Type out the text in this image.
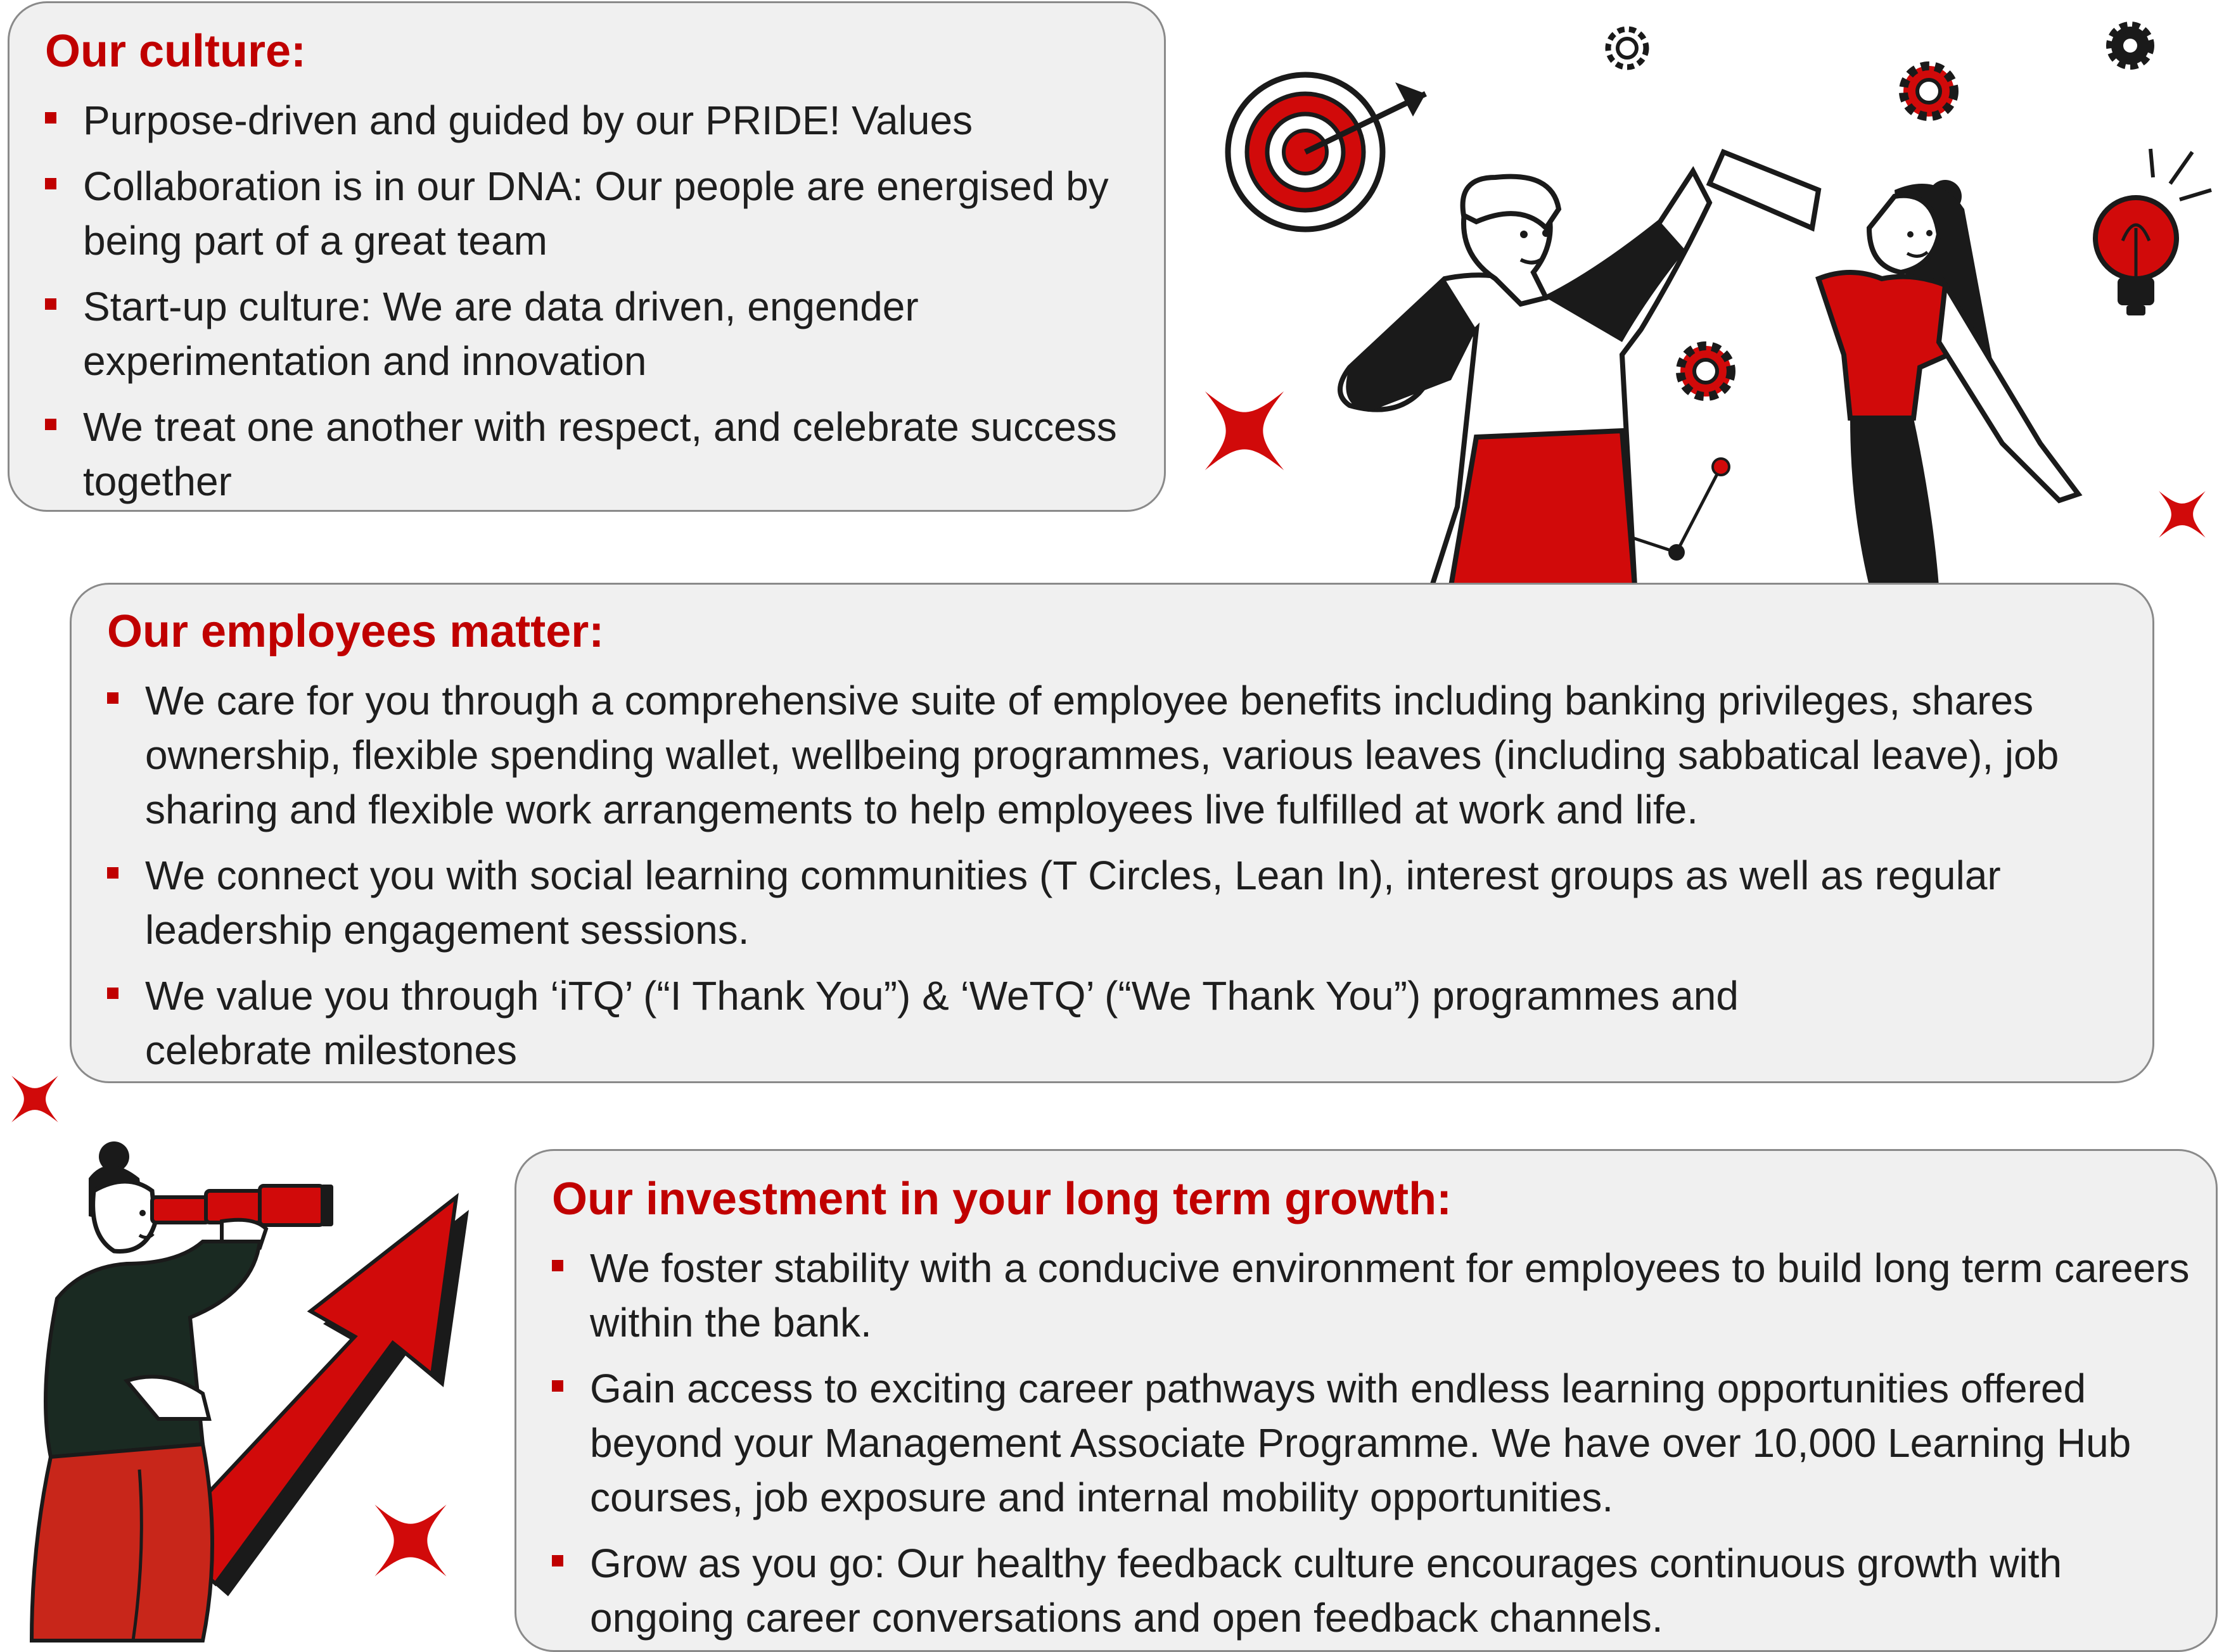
Our culture:
Purpose-driven and guided by our PRIDE! Values
Collaboration is in our DNA: Our people are energised by being part of a great team
Start-up culture: We are data driven, engender experimentation and innovation
We treat one another with respect, and celebrate success together
Our employees matter:
We care for you through a comprehensive suite of employee benefits including banking privileges, shares ownership, flexible spending wallet, wellbeing programmes, various leaves (including sabbatical leave), job sharing and flexible work arrangements to help employees live fulfilled at work and life.
We connect you with social learning communities (T Circles, Lean In), interest groups as well as regular leadership engagement sessions.
We value you through ‘iTQ’ (“I Thank You”) & ‘WeTQ’ (“We Thank You”) programmes and celebrate milestones
Our investment in your long term growth:
We foster stability with a conducive environment for employees to build long term careers within the bank.
Gain access to exciting career pathways with endless learning opportunities offered beyond your Management Associate Programme. We have over 10,000 Learning Hub courses, job exposure and internal mobility opportunities.
Grow as you go: Our healthy feedback culture encourages continuous growth with ongoing career conversations and open feedback channels.
